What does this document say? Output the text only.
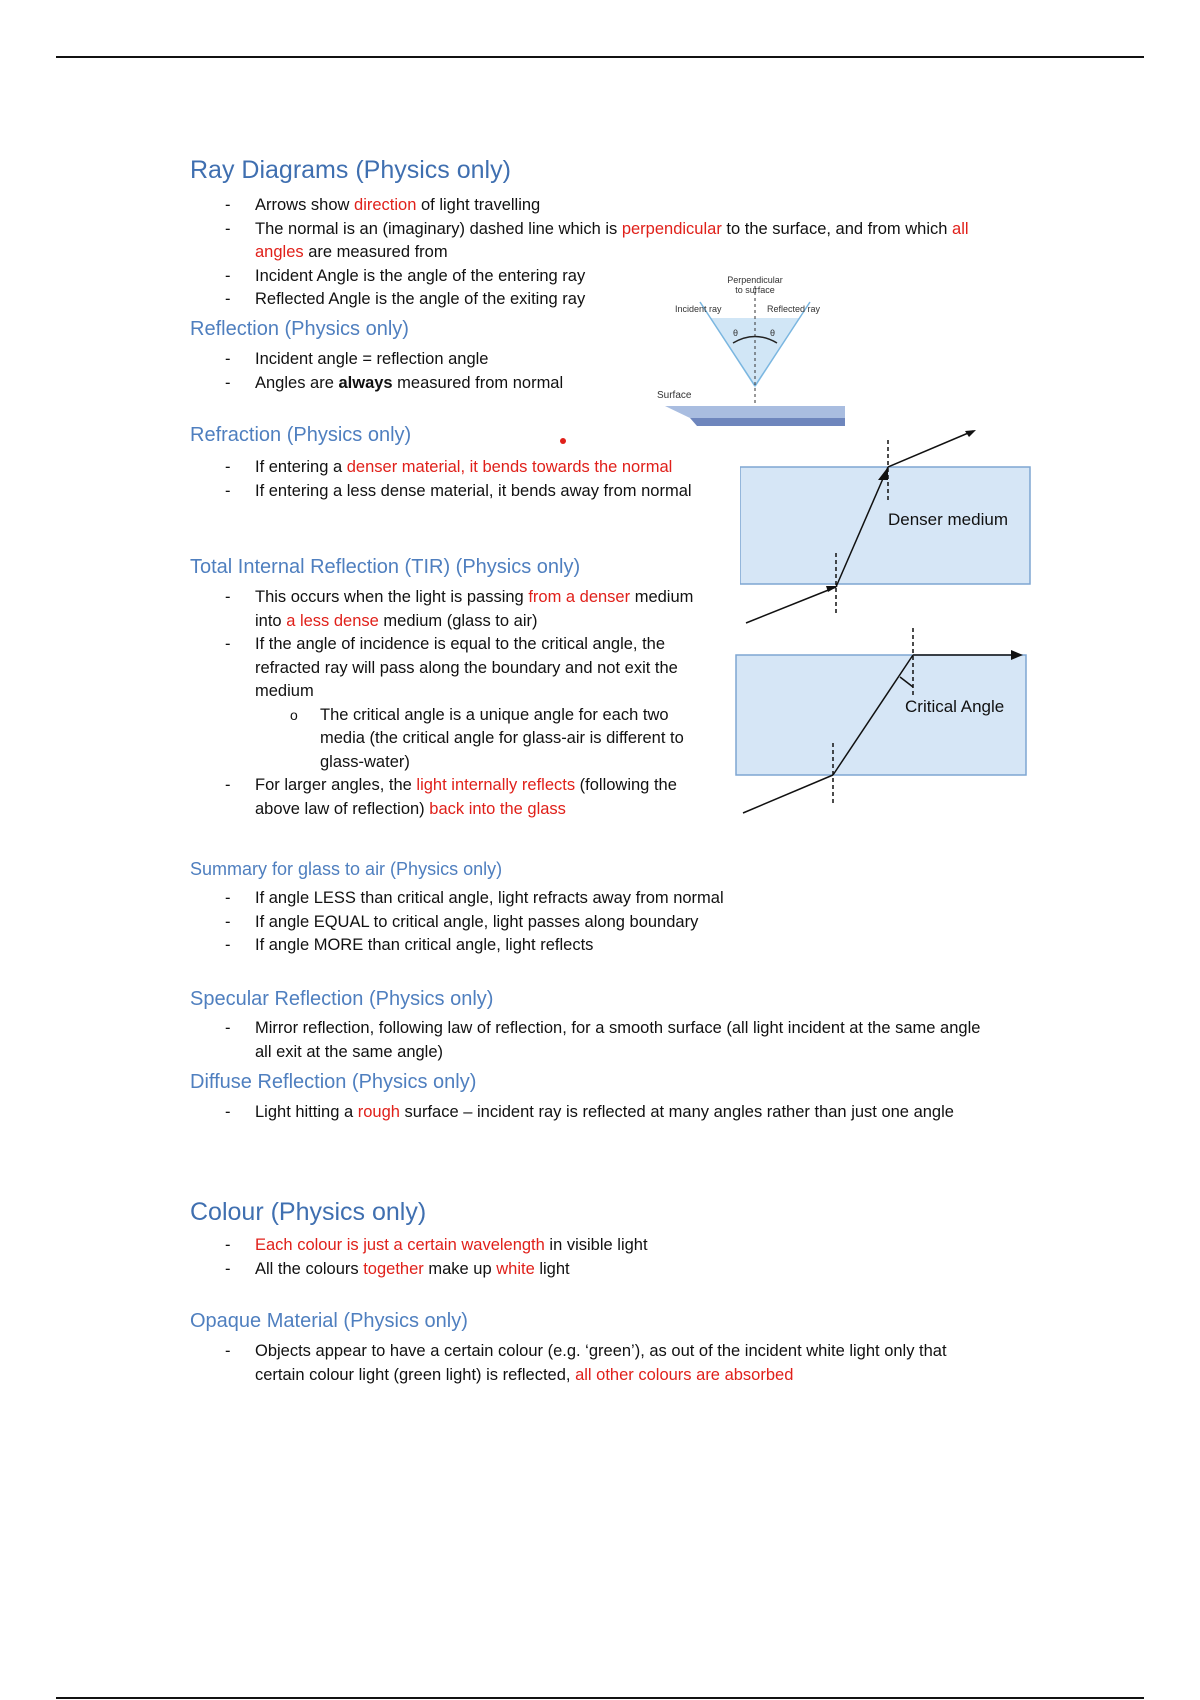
Ray Diagrams (Physics only)
- Arrows show direction of light travelling
- The normal is an (imaginary) dashed line which is perpendicular to the surface, and from which all angles are measured from
- Incident Angle is the angle of the entering ray
- Reflected Angle is the angle of the exiting ray
Reflection (Physics only)
- Incident angle = reflection angle
- Angles are always measured from normal
Refraction (Physics only)
- If entering a denser material, it bends towards the normal
- If entering a less dense material, it bends away from normal
Total Internal Reflection (TIR) (Physics only)
- This occurs when the light is passing from a denser medium into a less dense medium (glass to air)
- If the angle of incidence is equal to the critical angle, the refracted ray will pass along the boundary and not exit the medium
o The critical angle is a unique angle for each two media (the critical angle for glass-air is different to glass-water)
- For larger angles, the light internally reflects (following the above law of reflection) back into the glass
Summary for glass to air (Physics only)
- If angle LESS than critical angle, light refracts away from normal
- If angle EQUAL to critical angle, light passes along boundary
- If angle MORE than critical angle, light reflects
Specular Reflection (Physics only)
- Mirror reflection, following law of reflection, for a smooth surface (all light incident at the same angle all exit at the same angle)
Diffuse Reflection (Physics only)
- Light hitting a rough surface – incident ray is reflected at many angles rather than just one angle
Colour (Physics only)
- Each colour is just a certain wavelength in visible light
- All the colours together make up white light
Opaque Material (Physics only)
- Objects appear to have a certain colour (e.g. ‘green’), as out of the incident white light only that certain colour light (green light) is reflected, all other colours are absorbed
Perpendicular
to surface
Incident ray	Reflected ray
θ	θ
Surface
Denser medium
Critical Angle
